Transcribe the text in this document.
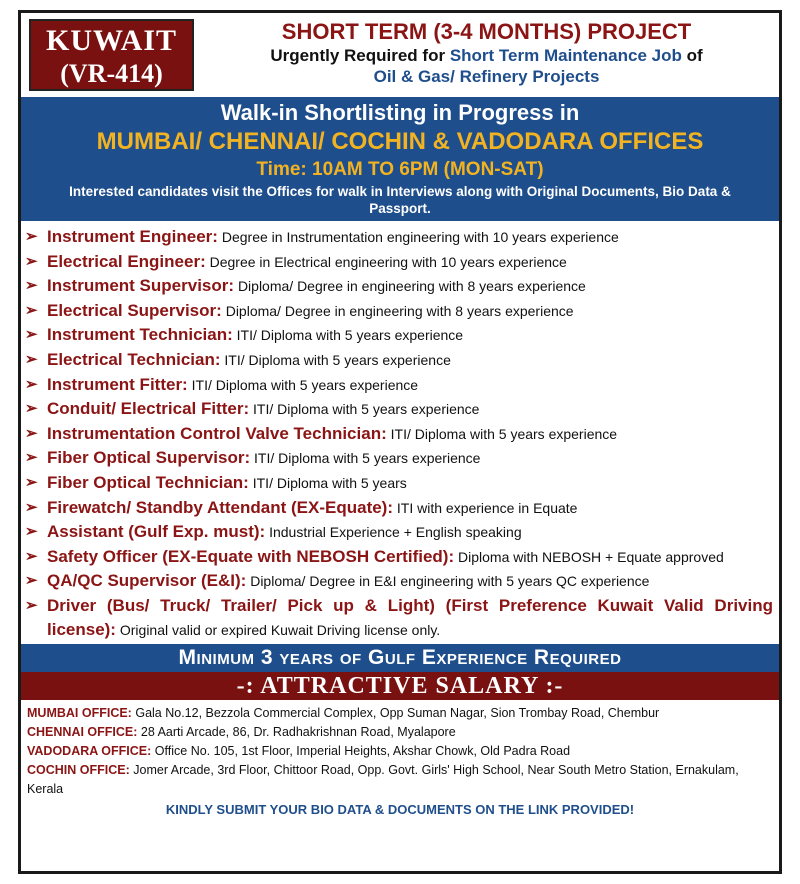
KUWAIT
(VR-414)
SHORT TERM (3-4 MONTHS) PROJECT
Urgently Required for Short Term Maintenance Job of
Oil & Gas/ Refinery Projects
Walk-in Shortlisting in Progress in
MUMBAI/ CHENNAI/ COCHIN & VADODARA OFFICES
Time: 10AM TO 6PM (MON-SAT)
Interested candidates visit the Offices for walk in Interviews along with Original Documents, Bio Data & Passport.
➢ Instrument Engineer: Degree in Instrumentation engineering with 10 years experience
➢ Electrical Engineer: Degree in Electrical engineering with 10 years experience
➢ Instrument Supervisor: Diploma/ Degree in engineering with 8 years experience
➢ Electrical Supervisor: Diploma/ Degree in engineering with 8 years experience
➢ Instrument Technician: ITI/ Diploma with 5 years experience
➢ Electrical Technician: ITI/ Diploma with 5 years experience
➢ Instrument Fitter: ITI/ Diploma with 5 years experience
➢ Conduit/ Electrical Fitter: ITI/ Diploma with 5 years experience
➢ Instrumentation Control Valve Technician: ITI/ Diploma with 5 years experience
➢ Fiber Optical Supervisor: ITI/ Diploma with 5 years experience
➢ Fiber Optical Technician: ITI/ Diploma with 5 years
➢ Firewatch/ Standby Attendant (EX-Equate): ITI with experience in Equate
➢ Assistant (Gulf Exp. must): Industrial Experience + English speaking
➢ Safety Officer (EX-Equate with NEBOSH Certified): Diploma with NEBOSH + Equate approved
➢ QA/QC Supervisor (E&I): Diploma/ Degree in E&I engineering with 5 years QC experience
➢ Driver (Bus/ Truck/ Trailer/ Pick up & Light) (First Preference Kuwait Valid Driving license): Original valid or expired Kuwait Driving license only.
Minimum 3 years of Gulf Experience Required
-: ATTRACTIVE SALARY :-
MUMBAI OFFICE: Gala No.12, Bezzola Commercial Complex, Opp Suman Nagar, Sion Trombay Road, Chembur
CHENNAI OFFICE: 28 Aarti Arcade, 86, Dr. Radhakrishnan Road, Myalapore
VADODARA OFFICE: Office No. 105, 1st Floor, Imperial Heights, Akshar Chowk, Old Padra Road
COCHIN OFFICE: Jomer Arcade, 3rd Floor, Chittoor Road, Opp. Govt. Girls' High School, Near South Metro Station, Ernakulam, Kerala
KINDLY SUBMIT YOUR BIO DATA & DOCUMENTS ON THE LINK PROVIDED!
